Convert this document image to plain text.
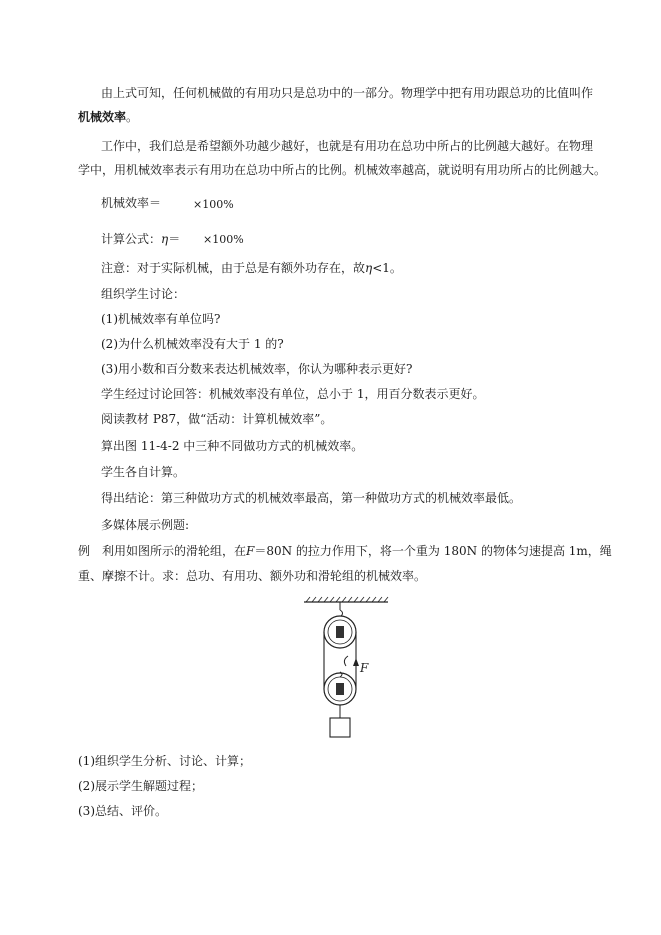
由上式可知，任何机械做的有用功只是总功中的一部分。物理学中把有用功跟总功的比值叫作
机械效率。
工作中，我们总是希望额外功越少越好，也就是有用功在总功中所占的比例越大越好。在物理
学中，用机械效率表示有用功在总功中所占的比例。机械效率越高，就说明有用功所占的比例越大。
机械效率＝	×100%
计算公式：η＝ ×100%
注意：对于实际机械，由于总是有额外功存在，故η<1。
组织学生讨论：
(1)机械效率有单位吗?
(2)为什么机械效率没有大于 1 的?
(3)用小数和百分数来表达机械效率，你认为哪种表示更好?
学生经过讨论回答：机械效率没有单位，总小于 1，用百分数表示更好。
阅读教材 P87，做“活动：计算机械效率”。
算出图 11-4-2 中三种不同做功方式的机械效率。
学生各自计算。
得出结论：第三种做功方式的机械效率最高，第一种做功方式的机械效率最低。
多媒体展示例题:
例　利用如图所示的滑轮组，在F＝80N 的拉力作用下，将一个重为 180N 的物体匀速提高 1m，绳
重、摩擦不计。求：总功、有用功、额外功和滑轮组的机械效率。
F
(1)组织学生分析、讨论、计算；
(2)展示学生解题过程；
(3)总结、评价。
